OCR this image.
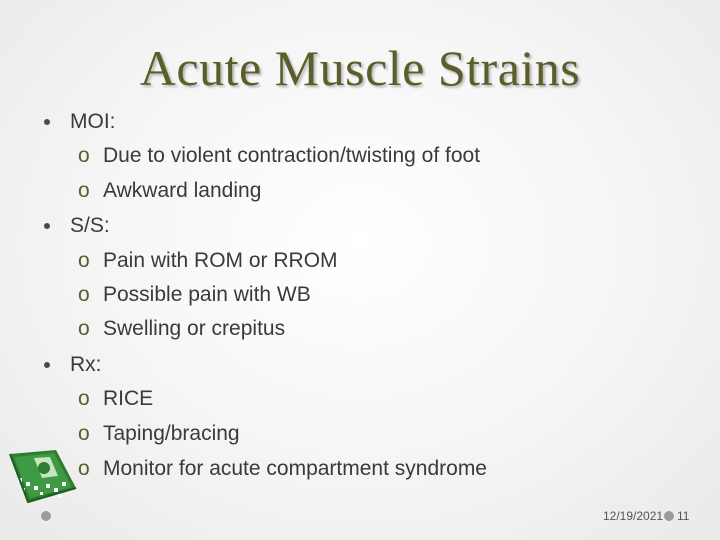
Acute Muscle Strains
MOI:
o Due to violent contraction/twisting of foot
o Awkward landing
S/S:
o Pain with ROM or RROM
o Possible pain with WB
o Swelling or crepitus
Rx:
o RICE
o Taping/bracing
o Monitor for acute compartment syndrome
12/19/2021 11
